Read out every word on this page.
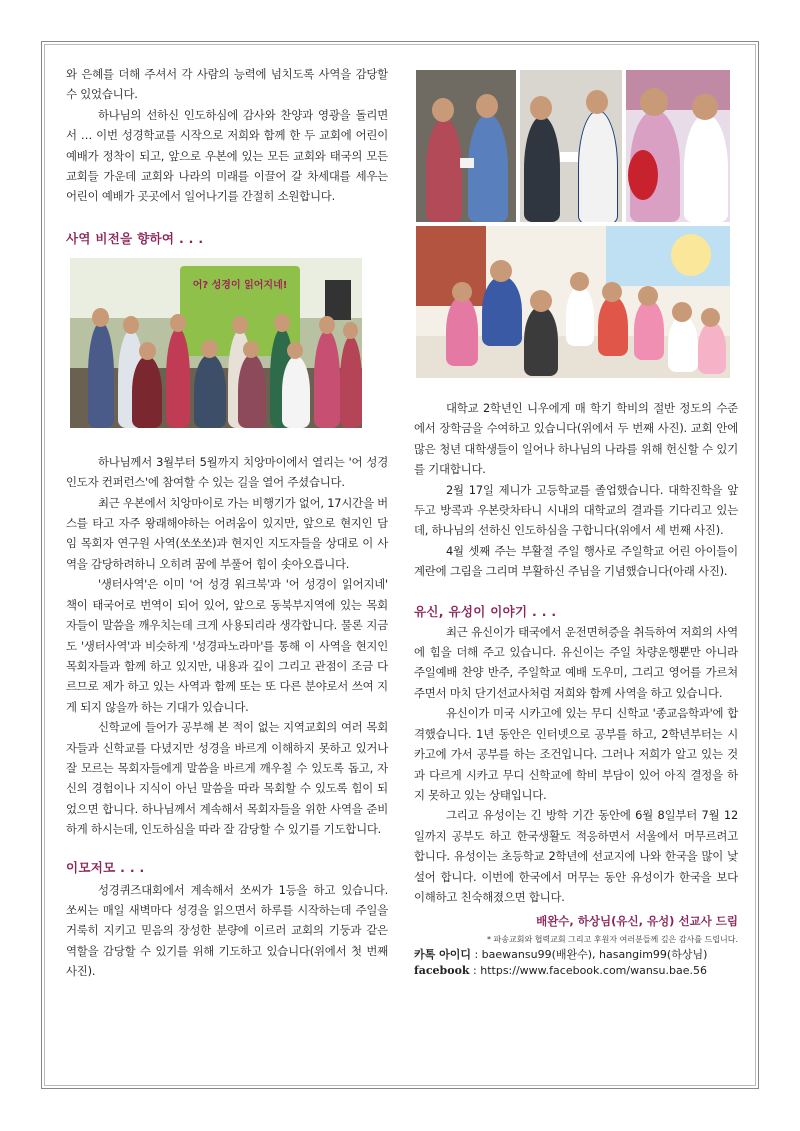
와 은혜를 더해 주셔서 각 사람의 능력에 넘치도록 사역을 감당할 수 있었습니다.

하나님의 선하신 인도하심에 감사와 찬양과 영광을 돌리면서 … 이번 성경학교를 시작으로 저희와 함께 한 두 교회에 어린이 예배가 정착이 되고, 앞으로 우본에 있는 모든 교회와 태국의 모든 교회들 가운데 교회와 나라의 미래를 이끌어 갈 차세대를 세우는 어린이 예배가 곳곳에서 일어나기를 간절히 소원합니다.

사역 비전을 향하여 . . .
어? 성경이 읽어지네!

하나님께서 3월부터 5월까지 치앙마이에서 열리는 '어 성경 인도자 컨퍼런스'에 참여할 수 있는 길을 열어 주셨습니다.

최근 우본에서 치앙마이로 가는 비행기가 없어, 17시간을 버스를 타고 자주 왕래해야하는 어려움이 있지만, 앞으로 현지인 담임 목회자 연구원 사역(쏘쏘쏘)과 현지인 지도자들을 상대로 이 사역을 감당하려하니 오히려 꿈에 부풀어 힘이 솟아오릅니다.

'생터사역'은 이미 '어 성경 워크북'과 '어 성경이 읽어지네' 책이 태국어로 번역이 되어 있어, 앞으로 동북부지역에 있는 목회자들이 말씀을 깨우치는데 크게 사용되리라 생각합니다. 물론 지금도 '생터사역'과 비슷하게 '성경파노라마'를 통해 이 사역을 현지인 목회자들과 함께 하고 있지만, 내용과 깊이 그리고 관점이 조금 다르므로 제가 하고 있는 사역과 함께 또는 또 다른 분야로서 쓰여 지게 되지 않을까 하는 기대가 있습니다.

신학교에 들어가 공부해 본 적이 없는 지역교회의 여러 목회자들과 신학교를 다녔지만 성경을 바르게 이해하지 못하고 있거나 잘 모르는 목회자들에게 말씀을 바르게 깨우칠 수 있도록 돕고, 자신의 경험이나 지식이 아닌 말씀을 따라 목회할 수 있도록 힘이 되었으면 합니다. 하나님께서 계속해서 목회자들을 위한 사역을 준비하게 하시는데, 인도하심을 따라 잘 감당할 수 있기를 기도합니다.

이모저모 . . .

성경퀴즈대회에서 계속해서 쏘씨가 1등을 하고 있습니다. 쏘씨는 매일 새벽마다 성경을 읽으면서 하루를 시작하는데 주일을 거룩히 지키고 믿음의 장성한 분량에 이르러 교회의 기둥과 같은 역할을 감당할 수 있기를 위해 기도하고 있습니다(위에서 첫 번째 사진).

대학교 2학년인 니우에게 매 학기 학비의 절반 정도의 수준에서 장학금을 수여하고 있습니다(위에서 두 번째 사진). 교회 안에 많은 청년 대학생들이 일어나 하나님의 나라를 위해 헌신할 수 있기를 기대합니다.

2월 17일 제니가 고등학교를 졸업했습니다. 대학진학을 앞두고 방콕과 우본랏차타니 시내의 대학교의 결과를 기다리고 있는데, 하나님의 선하신 인도하심을 구합니다(위에서 세 번째 사진).

4월 셋째 주는 부활절 주일 행사로 주일학교 어린 아이들이 계란에 그림을 그리며 부활하신 주님을 기념했습니다(아래 사진).

유신, 유성이 이야기 . . .

최근 유신이가 태국에서 운전면허증을 취득하여 저희의 사역에 힘을 더해 주고 있습니다. 유신이는 주일 차량운행뿐만 아니라 주일예배 찬양 반주, 주일학교 예배 도우미, 그리고 영어를 가르쳐 주면서 마치 단기선교사처럼 저희와 함께 사역을 하고 있습니다.

유신이가 미국 시카고에 있는 무디 신학교 '종교음학과'에 합격했습니다. 1년 동안은 인터넷으로 공부를 하고, 2학년부터는 시카고에 가서 공부를 하는 조건입니다. 그러나 저희가 알고 있는 것과 다르게 시카고 무디 신학교에 학비 부담이 있어 아직 결정을 하지 못하고 있는 상태입니다.

그리고 유성이는 긴 방학 기간 동안에 6월 8일부터 7월 12일까지 공부도 하고 한국생활도 적응하면서 서울에서 머무르려고 합니다. 유성이는 초등학교 2학년에 선교지에 나와 한국을 많이 낯설어 합니다. 이번에 한국에서 머무는 동안 유성이가 한국을 보다 이해하고 친숙해졌으면 합니다.

배완수, 하상님(유신, 유성) 선교사 드림
* 파송교회와 협력교회 그리고 후원자 여러분들께 깊은 감사를 드립니다.
카톡 아이디 : baewansu99(배완수), hasangim99(하상님)
facebook : https://www.facebook.com/wansu.bae.56
